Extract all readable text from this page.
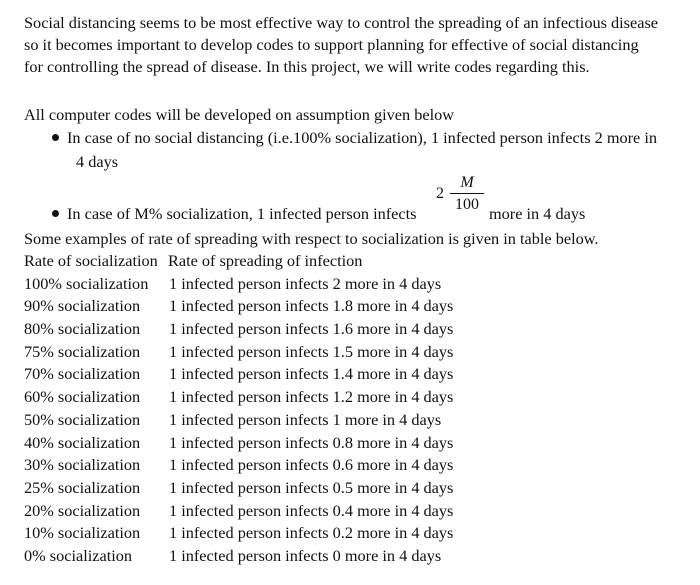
Social distancing seems to be most effective way to control the spreading of an infectious disease

so it becomes important to develop codes to support planning for effective of social distancing

for controlling the spread of disease. In this project, we will write codes regarding this.

All computer codes will be developed on assumption given below

In case of no social distancing (i.e.100% socialization), 1 infected person infects 2 more in
4 days
In case of M% socialization, 1 infected person infects
2
M
100 more in 4 days

Some examples of rate of spreading with respect to socialization is given in table below.

Rate of socialization Rate of spreading of infection
100% socialization 1 infected person infects 2 more in 4 days
90% socialization 1 infected person infects 1.8 more in 4 days
80% socialization 1 infected person infects 1.6 more in 4 days
75% socialization 1 infected person infects 1.5 more in 4 days
70% socialization 1 infected person infects 1.4 more in 4 days
60% socialization 1 infected person infects 1.2 more in 4 days
50% socialization 1 infected person infects 1 more in 4 days
40% socialization 1 infected person infects 0.8 more in 4 days
30% socialization 1 infected person infects 0.6 more in 4 days
25% socialization 1 infected person infects 0.5 more in 4 days
20% socialization 1 infected person infects 0.4 more in 4 days
10% socialization 1 infected person infects 0.2 more in 4 days
0% socialization 1 infected person infects 0 more in 4 days
